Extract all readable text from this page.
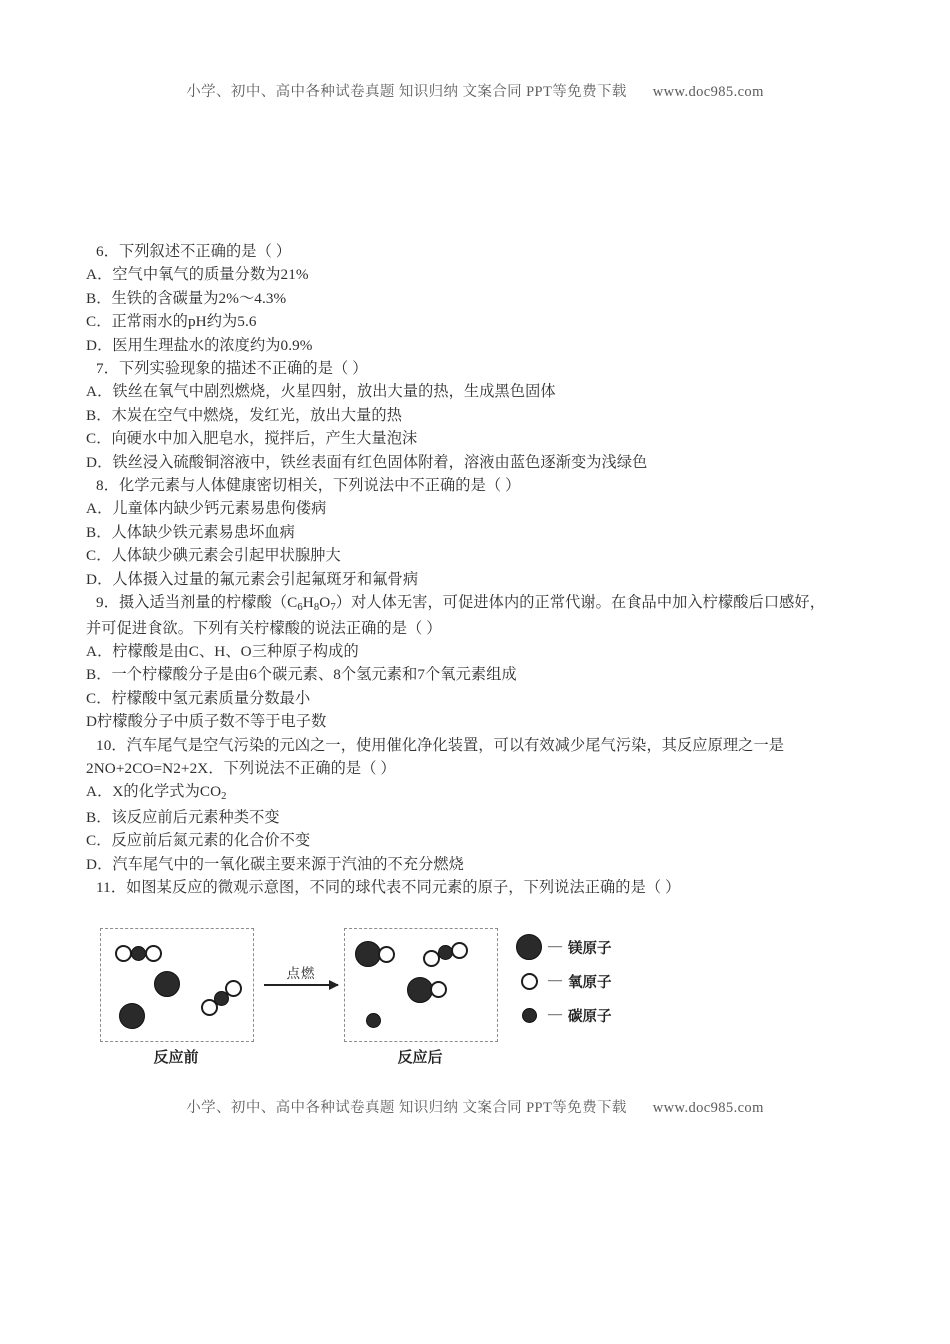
小学、初中、高中各种试卷真题 知识归纳 文案合同 PPT等免费下载 www.doc985.com
6．下列叙述不正确的是（ ）
A．空气中氧气的质量分数为21%
B．生铁的含碳量为2%～4.3%
C．正常雨水的pH约为5.6
D．医用生理盐水的浓度约为0.9%
7．下列实验现象的描述不正确的是（ ）
A．铁丝在氧气中剧烈燃烧，火星四射，放出大量的热，生成黑色固体
B．木炭在空气中燃烧，发红光，放出大量的热
C．向硬水中加入肥皂水，搅拌后，产生大量泡沫
D．铁丝浸入硫酸铜溶液中，铁丝表面有红色固体附着，溶液由蓝色逐渐变为浅绿色
8．化学元素与人体健康密切相关，下列说法中不正确的是（ ）
A．儿童体内缺少钙元素易患佝偻病
B．人体缺少铁元素易患坏血病
C．人体缺少碘元素会引起甲状腺肿大
D．人体摄入过量的氟元素会引起氟斑牙和氟骨病
9．摄入适当剂量的柠檬酸$(C_6H_8O_7)$对人体无害，可促进体内的正常代谢。在食品中加入柠檬酸后口感好，
并可促进食欲。下列有关柠檬酸的说法正确的是（ ）
A．柠檬酸是由C、H、O三种原子构成的
B．一个柠檬酸分子是由6个碳元素、8个氢元素和7个氧元素组成
C．柠檬酸中氢元素质量分数最小
D柠檬酸分子中质子数不等于电子数
10．汽车尾气是空气污染的元凶之一，使用催化净化装置，可以有效减少尾气污染，其反应原理之一是
2NO+2CO=N2+2X．下列说法不正确的是（ ）
A．X的化学式为$CO_2$
B．该反应前后元素种类不变
C．反应前后氮元素的化合价不变
D．汽车尾气中的一氧化碳主要来源于汽油的不充分燃烧
11．如图某反应的微观示意图，不同的球代表不同元素的原子，下列说法正确的是（ ）
点燃
反应前	反应后
— 镁原子
— 氧原子
— 碳原子
小学、初中、高中各种试卷真题 知识归纳 文案合同 PPT等免费下载 www.doc985.com
